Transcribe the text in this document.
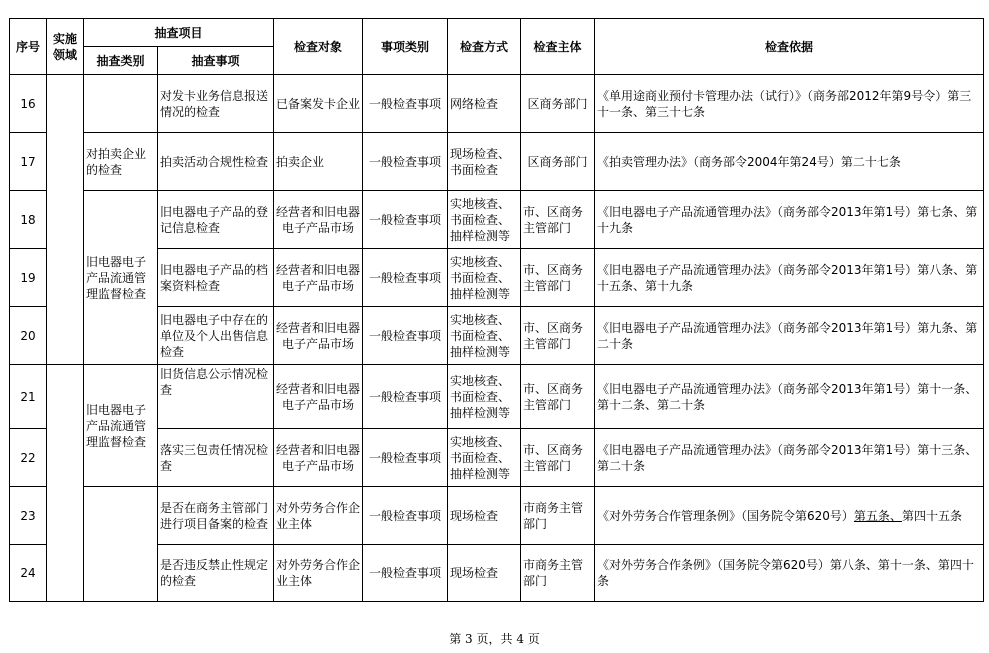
序号	实施领域	抽查项目		检查对象	事项类别	检查方式	检查主体	检查依据
		抽查类别	抽查事项					
16			对发卡业务信息报送情况的检查	已备案发卡企业	一般检查事项	网络检查	区商务部门	《单用途商业预付卡管理办法（试行）》（商务部2012年第9号令）第三十一条、第三十七条
17		对拍卖企业的检查	拍卖活动合规性检查	拍卖企业	一般检查事项	现场检查、书面检查	区商务部门	《拍卖管理办法》（商务部令2004年第24号）第二十七条
18		旧电器电子产品流通管理监督检查	旧电器电子产品的登记信息检查	经营者和旧电器电子产品市场	一般检查事项	实地核查、书面检查、抽样检测等	市、区商务主管部门	《旧电器电子产品流通管理办法》（商务部令2013年第1号）第七条、第十九条
19			旧电器电子产品的档案资料检查	经营者和旧电器电子产品市场	一般检查事项	实地核查、书面检查、抽样检测等	市、区商务主管部门	《旧电器电子产品流通管理办法》（商务部令2013年第1号）第八条、第十五条、第十九条
20			旧电器电子中存在的单位及个人出售信息检查	经营者和旧电器电子产品市场	一般检查事项	实地核查、书面检查、抽样检测等	市、区商务主管部门	《旧电器电子产品流通管理办法》（商务部令2013年第1号）第九条、第二十条
21		旧电器电子产品流通管理监督检查	旧货信息公示情况检查	经营者和旧电器电子产品市场	一般检查事项	实地核查、书面检查、抽样检测等	市、区商务主管部门	《旧电器电子产品流通管理办法》（商务部令2013年第1号）第十一条、第十二条、第二十条
22			落实三包责任情况检查	经营者和旧电器电子产品市场	一般检查事项	实地核查、书面检查、抽样检测等	市、区商务主管部门	《旧电器电子产品流通管理办法》（商务部令2013年第1号）第十三条、第二十条
23			是否在商务主管部门进行项目备案的检查	对外劳务合作企业主体	一般检查事项	现场检查	市商务主管部门	《对外劳务合作管理条例》（国务院令第620号）第五条、第四十五条
24			是否违反禁止性规定的检查	对外劳务合作企业主体	一般检查事项	现场检查	市商务主管部门	《对外劳务合作条例》（国务院令第620号）第八条、第十一条、第四十条
第 3 页，共 4 页
